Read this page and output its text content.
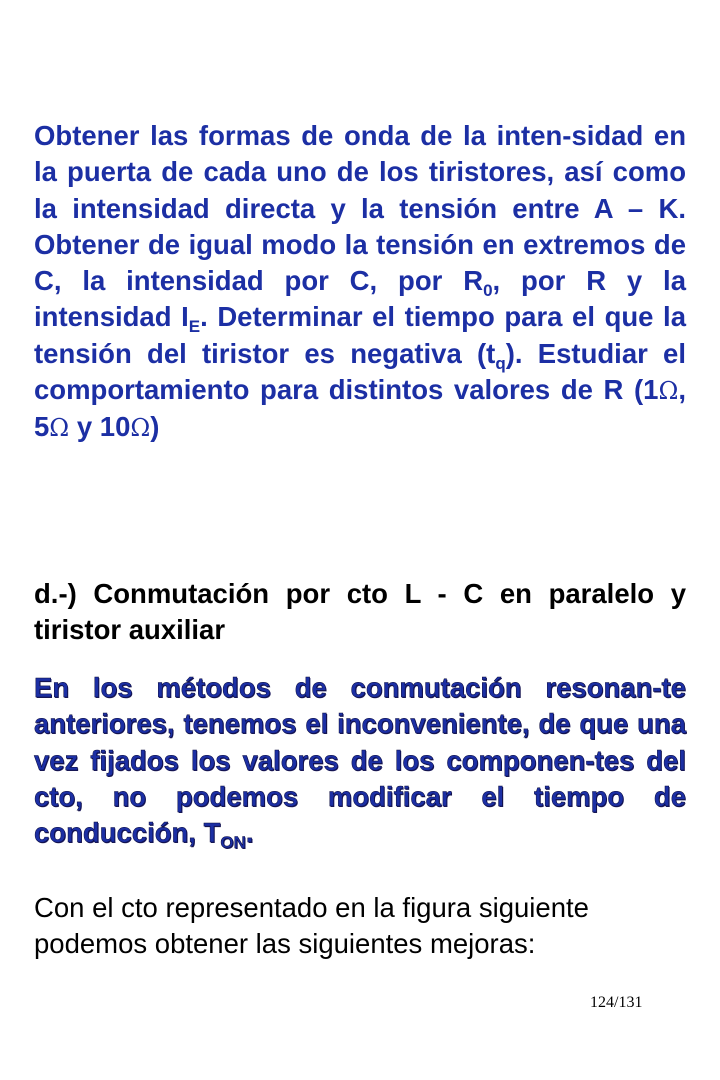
Obtener las formas de onda de la inten-sidad en la puerta de cada uno de los tiristores, así como la intensidad directa y la tensión entre A – K. Obtener de igual modo la tensión en extremos de C, la intensidad por C, por $R_0$, por R y la intensidad $I_E$. Determinar el tiempo para el que la tensión del tiristor es negativa $(t_q)$. Estudiar el comportamiento para distintos valores de R (1Ω, 5Ω y 10Ω)

d.-) Conmutación por cto L - C en paralelo y tiristor auxiliar

En los métodos de conmutación resonan-te anteriores, tenemos el inconveniente, de que una vez fijados los valores de los componen-tes del cto, no podemos modificar el tiempo de conducción, $T_{ON}$.

Con el cto representado en la figura siguiente podemos obtener las siguientes mejoras:

124/131
